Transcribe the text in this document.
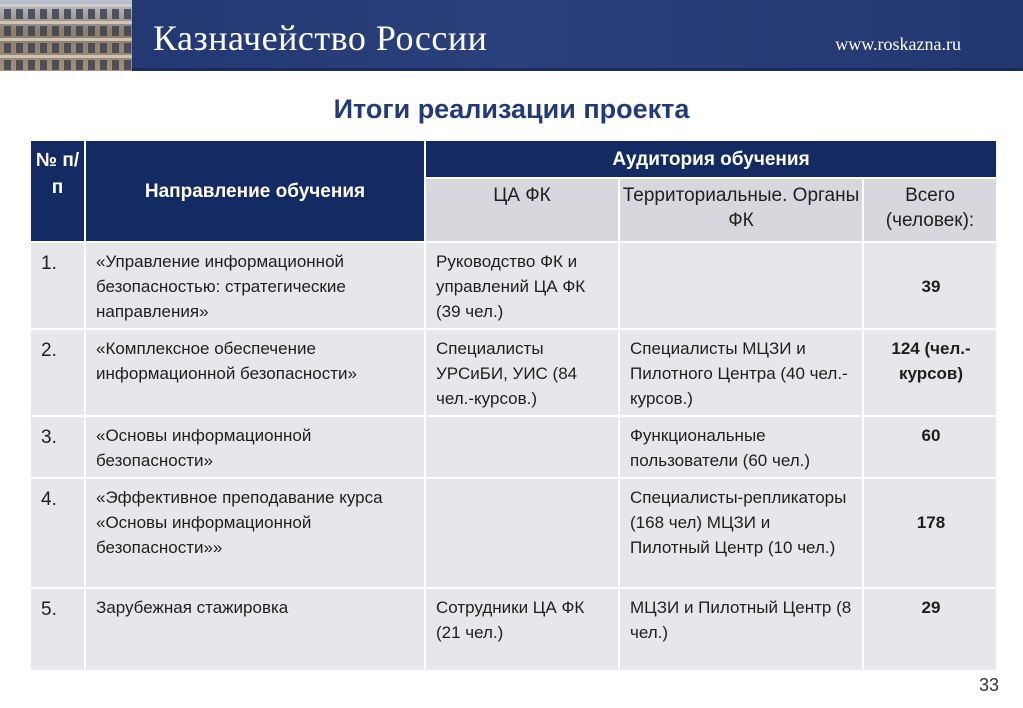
Казначейство России	www.roskazna.ru
Итоги реализации проекта
№ п/п	Направление обучения	Аудитория обучения		
		ЦА ФК	Территориальные. Органы ФК	Всего (человек):
1.	«Управление информационной безопасностью: стратегические направления»	Руководство ФК и управлений ЦА ФК (39 чел.)		39
2.	«Комплексное обеспечение информационной безопасности»	Специалисты УРСиБИ, УИС (84 чел.-курсов.)	Специалисты МЦЗИ и Пилотного Центра (40 чел.-курсов.)	124 (чел.-курсов)
3.	«Основы информационной безопасности»		Функциональные пользователи (60 чел.)	60
4.	«Эффективное преподавание курса «Основы информационной безопасности»»		Специалисты-репликаторы (168 чел) МЦЗИ и Пилотный Центр (10 чел.)	178
5.	Зарубежная стажировка	Сотрудники ЦА ФК (21 чел.)	МЦЗИ и Пилотный Центр (8 чел.)	29
33
